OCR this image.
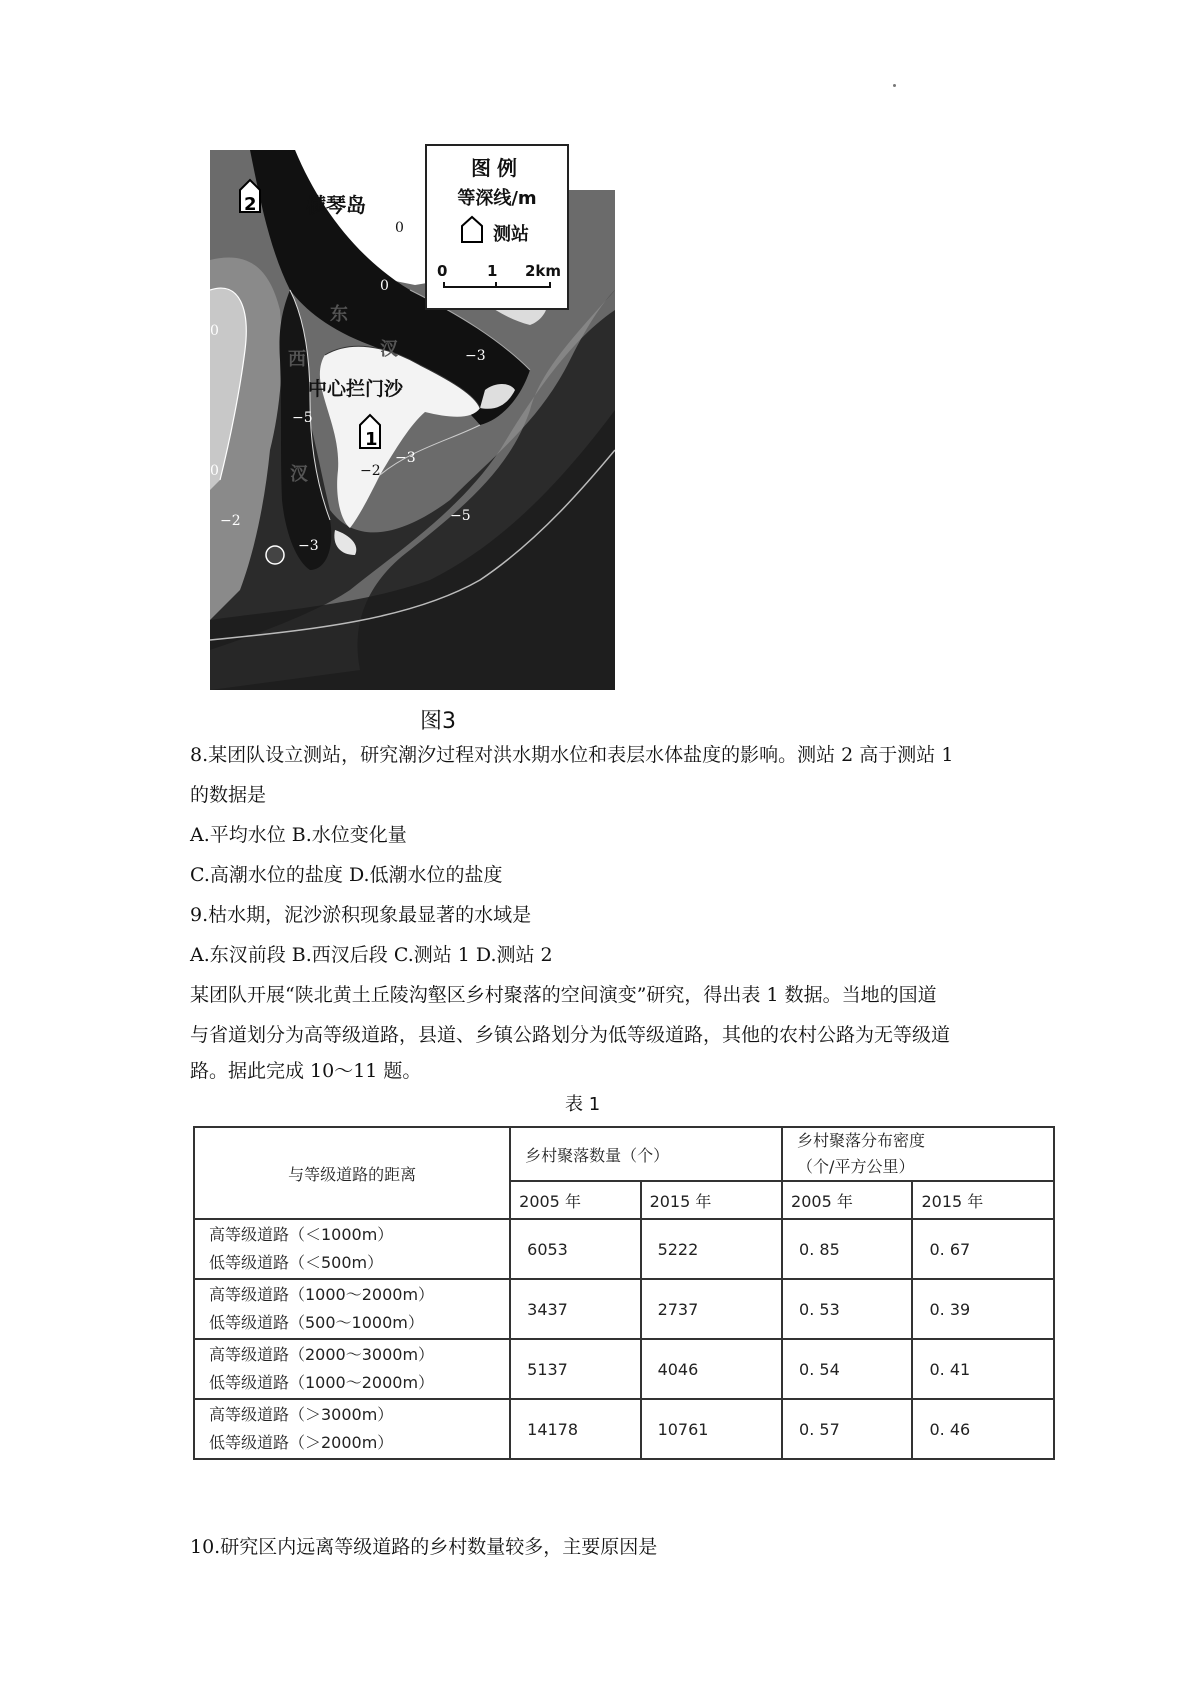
横琴岛
中心拦门沙
东
汊
西
汊
0
0
0
0
−2
−2
−3
−3
−3
−5
−5
2
1
图例
等深线/m
测站
0	1 2km
图3
8.某团队设立测站，研究潮汐过程对洪水期水位和表层水体盐度的影响。测站 2 高于测站 1
的数据是
A.平均水位 B.水位变化量
C.高潮水位的盐度 D.低潮水位的盐度
9.枯水期，泥沙淤积现象最显著的水域是
A.东汊前段 B.西汊后段 C.测站 1 D.测站 2
某团队开展“陕北黄土丘陵沟壑区乡村聚落的空间演变”研究，得出表 1 数据。当地的国道
与省道划分为高等级道路，县道、乡镇公路划分为低等级道路，其他的农村公路为无等级道
路。据此完成 10～11 题。
表 1
与等级道路的距离	乡村聚落数量（个）		乡村聚落分布密度
（个/平方公里）	
	2005 年	2015 年	2005 年	2015 年
高等级道路（＜1000m）
低等级道路（＜500m）	6053	5222	0. 85	0. 67
高等级道路（1000～2000m）
低等级道路（500～1000m）	3437	2737	0. 53	0. 39
高等级道路（2000～3000m）
低等级道路（1000～2000m）	5137	4046	0. 54	0. 41
高等级道路（＞3000m）
低等级道路（＞2000m）	14178	10761	0. 57	0. 46
10.研究区内远离等级道路的乡村数量较多，主要原因是
